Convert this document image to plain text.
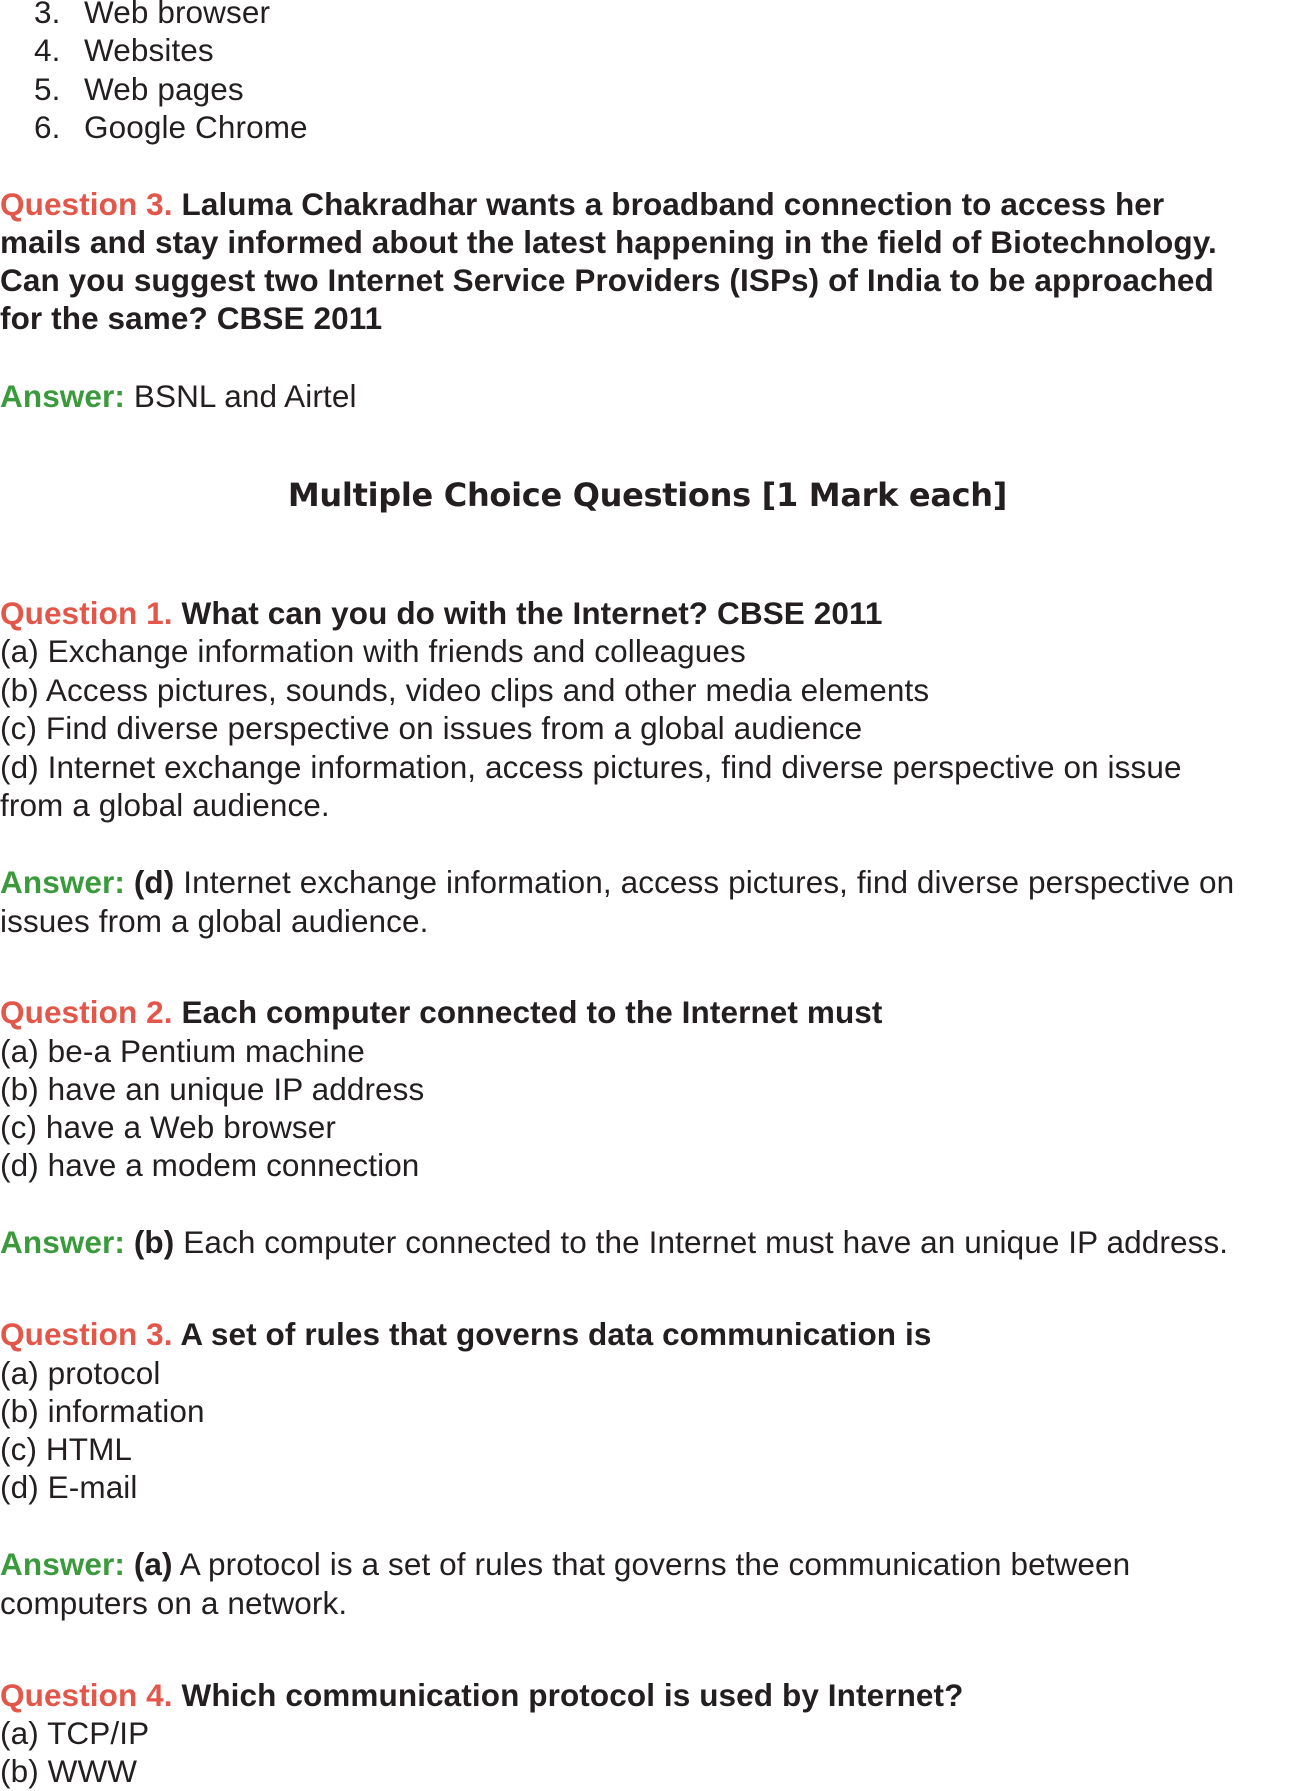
3. Web browser
4. Websites
5. Web pages
6. Google Chrome
Question 3. Laluma Chakradhar wants a broadband connection to access her
mails and stay informed about the latest happening in the field of Biotechnology.
Can you suggest two Internet Service Providers (ISPs) of India to be approached
for the same? CBSE 2011
Answer: BSNL and Airtel
Multiple Choice Questions [1 Mark each]
Question 1. What can you do with the Internet? CBSE 2011
(a) Exchange information with friends and colleagues
(b) Access pictures, sounds, video clips and other media elements
(c) Find diverse perspective on issues from a global audience
(d) Internet exchange information, access pictures, find diverse perspective on issue
from a global audience.
Answer: (d) Internet exchange information, access pictures, find diverse perspective on
issues from a global audience.
Question 2. Each computer connected to the Internet must
(a) be-a Pentium machine
(b) have an unique IP address
(c) have a Web browser
(d) have a modem connection
Answer: (b) Each computer connected to the Internet must have an unique IP address.
Question 3. A set of rules that governs data communication is
(a) protocol
(b) information
(c) HTML
(d) E-mail
Answer: (a) A protocol is a set of rules that governs the communication between
computers on a network.
Question 4. Which communication protocol is used by Internet?
(a) TCP/IP
(b) WWW
